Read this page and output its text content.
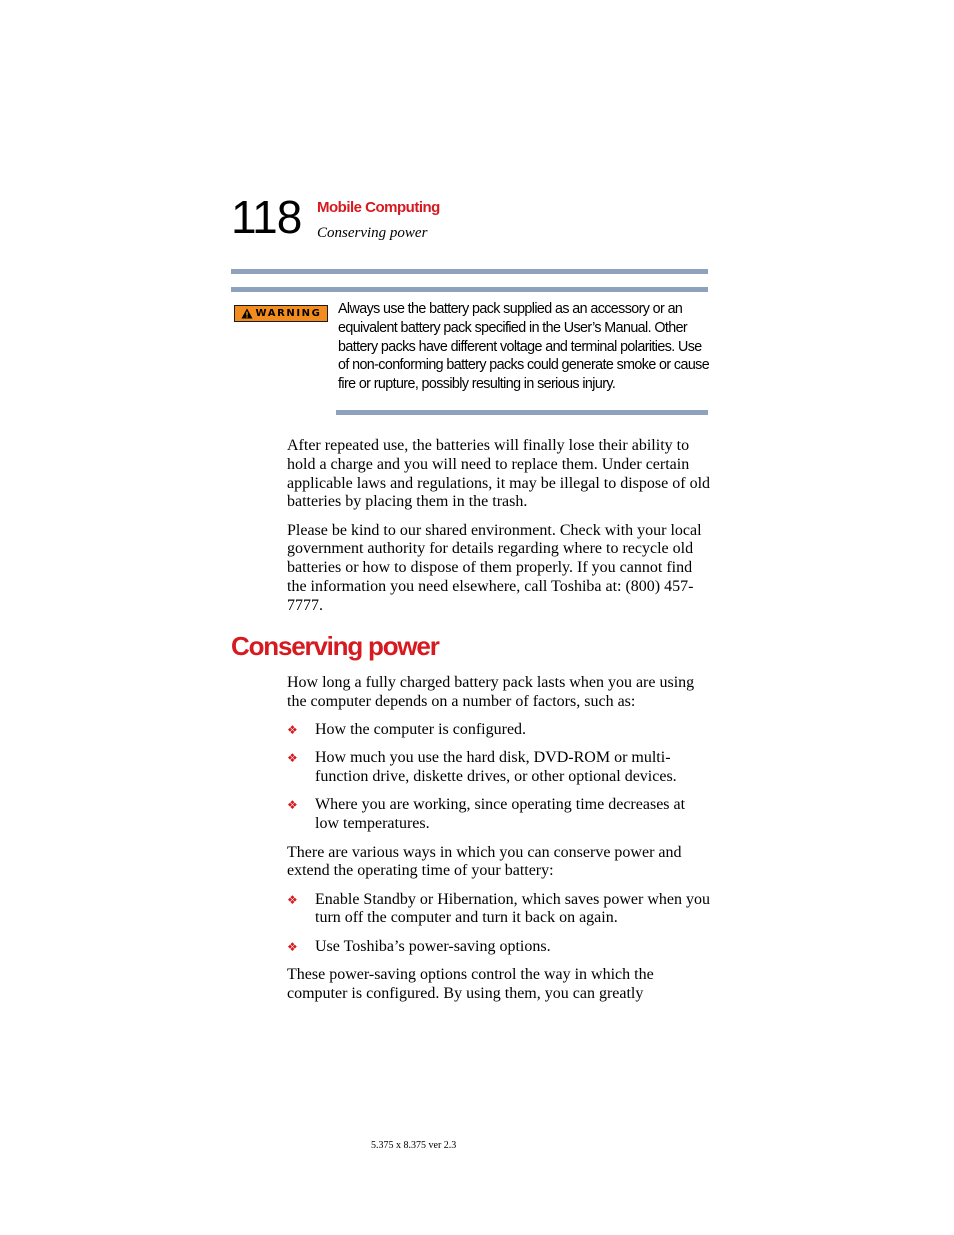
118 Mobile Computing
Conserving power
WARNING Always use the battery pack supplied as an accessory or an equivalent battery pack specified in the User’s Manual. Other battery packs have different voltage and terminal polarities. Use of non-conforming battery packs could generate smoke or cause fire or rupture, possibly resulting in serious injury.

After repeated use, the batteries will finally lose their ability to hold a charge and you will need to replace them. Under certain applicable laws and regulations, it may be illegal to dispose of old batteries by placing them in the trash.

Please be kind to our shared environment. Check with your local government authority for details regarding where to recycle old batteries or how to dispose of them properly. If you cannot find the information you need elsewhere, call Toshiba at: (800) 457-7777.

Conserving power

How long a fully charged battery pack lasts when you are using the computer depends on a number of factors, such as:

❖ How the computer is configured.
❖ How much you use the hard disk, DVD-ROM or multi-function drive, diskette drives, or other optional devices.
❖ Where you are working, since operating time decreases at low temperatures.

There are various ways in which you can conserve power and extend the operating time of your battery:

❖ Enable Standby or Hibernation, which saves power when you turn off the computer and turn it back on again.
❖ Use Toshiba’s power-saving options.

These power-saving options control the way in which the computer is configured. By using them, you can greatly

5.375 x 8.375 ver 2.3
